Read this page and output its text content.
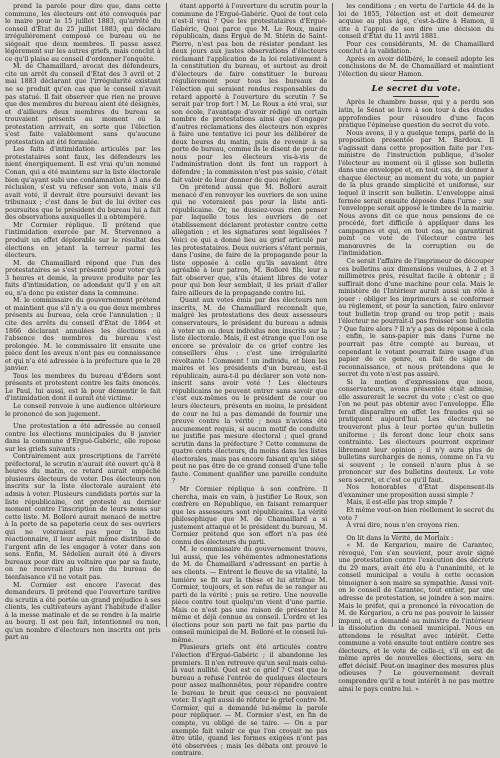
prend la parole pour dire que, dans cette commune, les électeurs ont été convoqués par le maire pour le 15 juillet 1883, qu'arrêté du conseil d'État du 25 juillet 1883, qui déclare irrégulièrement composé ce bureau où ne siégeait que deux membres. Il passe assez légèrement sur les autres griefs, mais conclut à ce qu'il plaise au conseil d'ordonner l'enquête.

M. de Chamaillard, avocat des défendeurs, cite un arrêt du conseil d'État des 3 avril et 2 mai 1883 déclarant que l'irrégularité existant ne se produit qu'en cas que le conseil n'avait pas statué. Il fait observer que rien ne prouve que des membres du bureau aient été désignés, et d'ailleurs deux membres du bureau se trouvaient présents au moment où la protestation arrivait, en sorte que l'élection s'est faite valablement sans qu'aucune protestation ait été formulée.

Les faits d'intimidation articulés par les protestataires sont faux, les défendeurs les nient énergiquement. Il est vrai qu'un nommé Conan, qui a été maintenu sur la liste électorale bien qu'ayant subi une condamnation à 3 ans de réclusion, s'est vu refuser son vote, mais s'il avait voté, il devrait être poursuivi devant les tribunaux ; c'est dans le but de lui éviter ces poursuites que le président du bureau lui a fait des observations auxquelles il a obtempéré.

Mr Cormier réplique. Il prétend que l'intimidation exercée par M. Stervennou a produit un effet déplorable sur le résultat des élections en jetant la terreur parmi les électeurs.

M. de Chamaillard répond que l'un des protestataires se s'est présenté pour voter qu'à 3 heures et demie, la preuve produite par les faits d'intimidation, ce adondant qu'il y en ait eu, n'a donc pu exister dans la commune.

M. le commissaire du gouvernement prétend et maintient que s'il n'y a eu que deux membres présents au bureau, cela crée l'annulation ; il cite des arrêts du conseil d'État de 1864 et 1866 déclarant annulées les élections où l'absence des membres du bureau s'est prolongée. M. le commissaire lit ensuite une pièce dont les aveux n'ont pas eu connaissance et qui n'a été adressée à la préfecture que le 28 janvier.

Tous les membres du bureau d'Édern sont présents et protestent contre les faits énoncés. Le Paul, lui aussi, est là pour démentir le fait d'intimidation dont il aurait été victime.

Le conseil renvoie à une audience ultérieure le prononcé de son jugement.

Une protestation a été adressée au conseil contre les élections municipales du 8 janvier dans la commune d'Ergué-Gabéric, elle repose sur les griefs suivants :

Contrairement aux prescriptions de l'arrêté préfectoral, le scrutin n'aurait été ouvert qu'à 8 heures du matin, ce retard aurait empêché plusieurs électeurs de voter. Des électeurs non inscrits sur la liste électorale auraient été admis à voter. Plusieurs candidats portés sur la liste républicaine, ont protesté au dernier moment contre l'inscription de leurs noms sur cette liste. M. Bolloré aurait menacé de mettre à la porte de sa papeterie ceux de ses ouvriers qui ne voteraient pas pour la liste réactionnaire, il leur aurait même distribué de l'argent afin de les engager à voter dans son sens. Enfin, M. Sédelien aurait été à divers bureaux pour dire au voltaire que par sa faute, on ne recevrait plus rien du bureau de bienfaisance s'il ne votait pas.

M. Cormier est encore l'avocat des demandeurs. Il prétend que l'ouverture tardive du scrutin a été portée un grand préjudice à ses clients, les cultivateurs ayant l'habitude d'aller à la messe matinale et de se rendre à la mairie au bourg. Il est peu fait, intentionnel ou non, qu'un nombre d'électeurs non inscrits ont pris part au

étant apporté à l'ouverture du scrutin pour la commune de l'Ergué-Gabéric. Quoi de tout cela n'est-il vrai ? Que les protestataires d'Ergué-Gabéric, Quoi parce que M. Le Roux, maire républicain, dans Ergué de M. Stérin de Saint-Pierre, n'est pas bon de résister pendant les deux jours aux justes observations d'électeurs réclamant l'application de la loi relativement à la constitution du bureau, et surtout au droit d'électeurs de faire constituer le bureau régulièrement pour tous les bureaux de l'élection qui seraient rendus responsables du retard apporté à l'ouverture du scrutin ? Se serait par trop fort ! M. Le Roux a été vrai, sur son école, l'avantage d'avoir rédigé un certain nombre de protestations ainsi que d'engager d'autres réclamations des électeurs non exprès à faire une tentative ici pour les délibérer de deux heures du matin, puis de revenir à sa porte de bureau, comme ils le disent de peur de nous pour les électeurs vis-à-vis de l'administration dont ils font un rapport à défendre ; la commission n'est pas saisie, c'était fait valoir de leur donner de quoi régler.

On prétend aussi que M. Bolloré aurait menacé d'en renvoyer les ouvriers de son usine qui ne voteraient pas pour la liste anti-républicaine. Or, ne dussiez-vous rien penser par laquelle tous les ouvriers de cet établissement déclarent protester contre cette allégation ; et les signatures sont légalisées ? Voici ce qui a donné lieu au grief articulé par les protestataires. Deux ouvriers s'étant permis, dans l'usine, de faire de la propagande pour la liste opposée à celle qu'ils savaient être agréable à leur patron, M. Bolloré fils, leur a fait observer que, s'ils étaient libres de voter pour qui bon leur semblait, il les priait d'aller faire ailleurs de la propagande contre lui.

Quant aux votes émis par des électeurs non inscrits, M. de Chamaillard reconnaît que, malgré les protestations des deux assesseurs conservateurs, le président du bureau a admis à voter un ou deux individus non inscrits sur la liste électorale. Mais, il est étrange que l'on ose encore se prévaloir de ce grief contre les conseillers élus : c'est une irrégularité révoltante ! Comment ! un individu, et bien les maires et les présidents d'un bureau, est-il républicain, aura-t-il pu déclarer son voté non-inscrit sans avoir voté ! Les électeurs républicains ne peuvent entrer sans savoir que c'est eux-mêmes ou le président de cour ou leurs électeurs, présents en moins, le président de cour ne lui a pas demandé de fournir une preuve contre la vérité ; nous n'avions été aucunement requis, si aucun motif de conduite ne justifie pas mesure électoral ; quel grand scrutin dans la préfecture ? Cette commune de quatre cents électeurs, du moins dans les listes électorales, mais pas encore faisant qu'un siège peut ne pas être de ce grand conseil d'une telle faute. Comment qualifier une pareille conduite ?

Mr Cormier réplique à son confrère. Il chercha, mais en vain, à justifier Le Roux, son confrère en République, en faisant remarquer que les assesseurs sont républicains. La vérité philosophique que M. de Chamaillard a si justement attaqué et le président du bureau, M. Cormier prétend que son effort n'a pas été connu des électeurs du parti.

M. le commissaire du gouvernement trouve, lui aussi, que les véhémentes admonestations de M. de Chamaillard s'adressant en partie à ses clients. — Entrent le fleuve de sa vitalité, la lumière se fit sur la thèse et lui attribue M. Cormier, toujours, et son refus de se ranger au parti de la vérité ; puis se retire. Une nouvelle pièce contre tout quelqu'un vient d'une partie. Mais ce n'est pas une raison de présenter la même et déjà connue au conseil. L'ordre et les élections pour son parti ne fait pas partie du conseil municipal de M. Bolloré et le conseil lui-même.

Plusieurs griefs ont été articulés contre l'élection d'Ergué-Gabéric ; il abandonne les premiers. Il n'en retrouve qu'un seul mais celui-là vaut nullité. Quel est ce grief ? C'est que le bureau a refusé l'entrée de quelques électeurs pour assez malhonnêtes, pour répandre contre le bureau le bruit que ceux-ci ne pouvaient voter. Il s'agit aussi de réfuter le grief contre M. Cormier, qui a demandé lui-même la parole pour répliquer. — M. Cormier s'est, en fin de compte, vu obligé de se taire. — On a par exemple fait valoir ce que l'on croyait ne pas être utile, quand les formes exigées n'ont pas été observées ; mais les débats ont prouvé le contraire.

les conditions ; en vertu de l'article 44 de la loi de 1855, l'élection est et doit demeurer acquise au plus âgé, c'est-à-dire à Hamon, il cite à l'appui de son dire une décision du conseil d'État du 11 avril 1881.

Pour ces considérants, M. de Chamaillard conclut à la validation.

Après en avoir délibéré, le conseil adopte les conclusions de M. de Chamaillard et maintient l'élection du sieur Hamon.

Le secret du vote.

Après le chambre basse, qui y a perdu son latin, le Sénat se livre à son tour à des études approfondies pour résoudre d'une façon pratique l'épineuse question du secret du vote.

Nous avons, il y a quelque temps, parlé de la proposition présentée par M. Bardoux. Il s'agissait dans cette proposition faite par l'ex-ministre de l'instruction publique, d'isoler l'électeur au moment où il glisse son bulletin dans une enveloppe et, en tout cas, de donner à chaque électeur, au moment du vote, un papier de la plus grande simplicité et uniforme, sur lequel il inscrit son bulletin. L'enveloppe ainsi fermée serait ensuite déposée dans l'urne ; sur l'enveloppe serait apposé le timbre de la mairie. Nous avons dit ce que nous pensions de ce procédé, fort difficile à appliquer dans les campagnes et qui, en tout cas, ne garantirait point ce vote de l'électeur contre les manœuvres de la corruption ou de l'intimidation.

Ce serait l'affaire de l'imprimeur de découper ces bulletins aux dimensions voulues, à 2 et 3 millimètres près, résultat facile à obtenir ; il suffirait donc d'une machine pour cela. Mais le ministère de l'Intérieur aurait aussi un rôle à jouer : obliger les imprimeurs à se conformer au règlement, et pour la sanction, faire enlever tout bulletin trop grand ou trop petit ; mais l'électeur ne pourrait-il pas froisser son bulletin ? Que faire alors ? Il n'y a pas de réponse à cela ; enfin, le sans-papier mis dans l'urne ne pourrait pas être compté au bureau, et cependant le votant pourrait faire usage d'un papier de ce genre, en fait de signe de reconnaissance, et nous prétendons que le secret du vote n'est pas assuré.

Si la motion d'expressions que nous, conservateurs, avons présentée était admise, elle assurerait le secret du vote ; c'est ce que l'on ne peut pas obtenir avec l'enveloppe. Elle ferait disparaître en effet les fraudes qui se pratiquent aujourd'hui. Les électeurs ne trouveront plus à leur portée qu'un bulletin uniforme ; ils feront donc leur choix sans contrainte. Les électeurs pourront exprimer librement leur opinion ; il n'y aura plus de bulletins surchargés de noms, comme on l'a vu si souvent ; le conseil n'aura plus à se prononcer sur des bulletins douteux. Le vote sera secret, et c'est ce qu'il faut.

Nos honorables d'État dispensent-ils d'examiner une proposition aussi simple ?

Mais, il est-elle pas trop simple ?

Et même veut-on bien réellement le secret du vote ?

À vrai dire, nous n'en croyons rien.

On lit dans la Vérité, de Morlaix :

« M. de Kergariou, maire de Carantec, révoqué, l'on s'en souvient, pour avoir signé une protestation contre l'exécution des décrets du 29 mars, avait été élu à l'unanimité, et le conseil municipal a voulu à cette occasion témoigner à son maire sa sympathie. Aussi voit-on le conseil de Carantec, tout entier, par une adresse de protestation, se joindre à son maire. Mais le préfet, qui a prononcé la révocation de M. de Kergariou, a cru ne pas pouvoir le laisser impuni, et a demandé au ministre de l'intérieur la dissolution du conseil municipal. Nous en attendons le résultat avec intérêt. Cette commune a voté ensuite tout entière contre ses électeurs, et le vote de celle-ci, s'il en est de même après de nouvelles élections, sera en effet décisif. Peut-on imaginer des mesures plus odieuses ? Le gouvernement devrait comprendre qu'il a tout intérêt à ne pas mettre ainsi le pays contre lui. »
